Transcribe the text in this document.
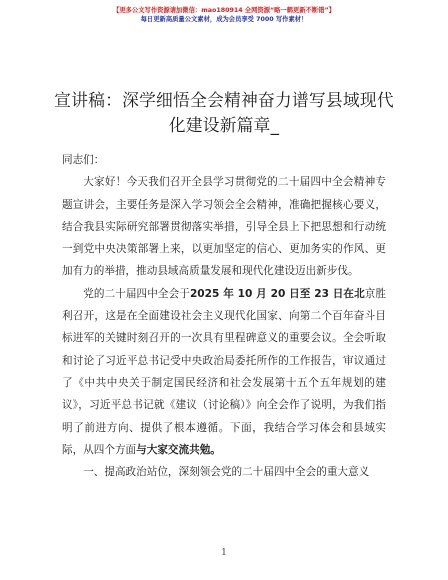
【更多公文写作资源请加微信：mao180914 全网资源“略一鹤更新不断错”】
每日更新高质量公文素材，成为会员享受 7000 写作素材！
宣讲稿：深学细悟全会精神奋力谱写县域现代化建设新篇章_

同志们：

大家好！今天我们召开全县学习贯彻党的二十届四中全会精神专题宣讲会，主要任务是深入学习领会全会精神，准确把握核心要义，结合我县实际研究部署贯彻落实举措，引导全县上下把思想和行动统一到党中央决策部署上来，以更加坚定的信心、更加务实的作风、更加有力的举措，推动县域高质量发展和现代化建设迈出新步伐。

党的二十届四中全会于2025 年 10 月 20 日至 23 日在北京胜利召开，这是在全面建设社会主义现代化国家、向第二个百年奋斗目标进军的关键时刻召开的一次具有里程碑意义的重要会议。全会听取和讨论了习近平总书记受中央政治局委托所作的工作报告，审议通过了《中共中央关于制定国民经济和社会发展第十五个五年规划的建议》，习近平总书记就《建议（讨论稿）》向全会作了说明，为我们指明了前进方向、提供了根本遵循。下面，我结合学习体会和县域实际，从四个方面与大家交流共勉。

一、提高政治站位，深刻领会党的二十届四中全会的重大意义

1
